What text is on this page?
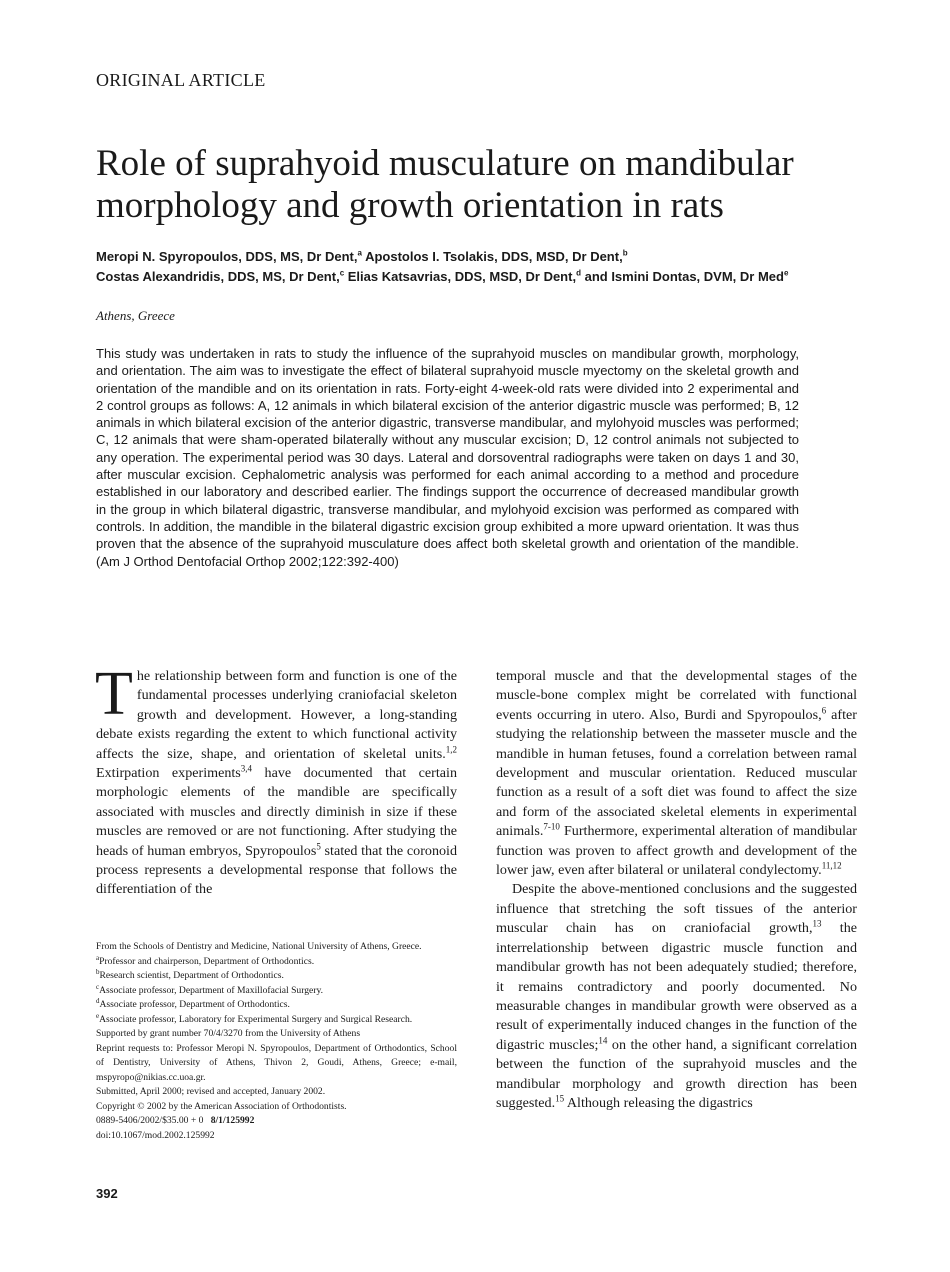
ORIGINAL ARTICLE
Role of suprahyoid musculature on mandibular morphology and growth orientation in rats
Meropi N. Spyropoulos, DDS, MS, Dr Dent,$^a$ Apostolos I. Tsolakis, DDS, MSD, Dr Dent,$^b$
Costas Alexandridis, DDS, MS, Dr Dent,$^c$ Elias Katsavrias, DDS, MSD, Dr Dent,$^d$ and Ismini Dontas, DVM, Dr Med$^e$
Athens, Greece

This study was undertaken in rats to study the influence of the suprahyoid muscles on mandibular growth, morphology, and orientation. The aim was to investigate the effect of bilateral suprahyoid muscle myectomy on the skeletal growth and orientation of the mandible and on its orientation in rats. Forty-eight 4-week-old rats were divided into 2 experimental and 2 control groups as follows: A, 12 animals in which bilateral excision of the anterior digastric muscle was performed; B, 12 animals in which bilateral excision of the anterior digastric, transverse mandibular, and mylohyoid muscles was performed; C, 12 animals that were sham-operated bilaterally without any muscular excision; D, 12 control animals not subjected to any operation. The experimental period was 30 days. Lateral and dorsoventral radiographs were taken on days 1 and 30, after muscular excision. Cephalometric analysis was performed for each animal according to a method and procedure established in our laboratory and described earlier. The findings support the occurrence of decreased mandibular growth in the group in which bilateral digastric, transverse mandibular, and mylohyoid excision was performed as compared with controls. In addition, the mandible in the bilateral digastric excision group exhibited a more upward orientation. It was thus proven that the absence of the suprahyoid musculature does affect both skeletal growth and orientation of the mandible. (Am J Orthod Dentofacial Orthop 2002;122:392-400)

The relationship between form and function is one of the fundamental processes underlying craniofacial skeleton growth and development. However, a long-standing debate exists regarding the extent to which functional activity affects the size, shape, and orientation of skeletal units.$^{1,2}$ Extirpation experiments$^{3,4}$ have documented that certain morphologic elements of the mandible are specifically associated with muscles and directly diminish in size if these muscles are removed or are not functioning. After studying the heads of human embryos, Spyropoulos$^5$ stated that the coronoid process represents a developmental response that follows the differentiation of the

temporal muscle and that the developmental stages of the muscle-bone complex might be correlated with functional events occurring in utero. Also, Burdi and Spyropoulos,$^6$ after studying the relationship between the masseter muscle and the mandible in human fetuses, found a correlation between ramal development and muscular orientation. Reduced muscular function as a result of a soft diet was found to affect the size and form of the associated skeletal elements in experimental animals.$^{7-10}$ Furthermore, experimental alteration of mandibular function was proven to affect growth and development of the lower jaw, even after bilateral or unilateral condylectomy.$^{11,12}$

Despite the above-mentioned conclusions and the suggested influence that stretching the soft tissues of the anterior muscular chain has on craniofacial growth,$^{13}$ the interrelationship between digastric muscle function and mandibular growth has not been adequately studied; therefore, it remains contradictory and poorly documented. No measurable changes in mandibular growth were observed as a result of experimentally induced changes in the function of the digastric muscles;$^{14}$ on the other hand, a significant correlation between the function of the suprahyoid muscles and the mandibular morphology and growth direction has been suggested.$^{15}$ Although releasing the digastrics

From the Schools of Dentistry and Medicine, National University of Athens, Greece.
$^a$Professor and chairperson, Department of Orthodontics.
$^b$Research scientist, Department of Orthodontics.
$^c$Associate professor, Department of Maxillofacial Surgery.
$^d$Associate professor, Department of Orthodontics.
$^e$Associate professor, Laboratory for Experimental Surgery and Surgical Research.
Supported by grant number 70/4/3270 from the University of Athens
Reprint requests to: Professor Meropi N. Spyropoulos, Department of Orthodontics, School of Dentistry, University of Athens, Thivon 2, Goudi, Athens, Greece; e-mail, mspyropo@nikias.cc.uoa.gr.
Submitted, April 2000; revised and accepted, January 2002.
Copyright © 2002 by the American Association of Orthodontists.
0889-5406/2002/$35.00 + 0 8/1/125992
doi:10.1067/mod.2002.125992
392
